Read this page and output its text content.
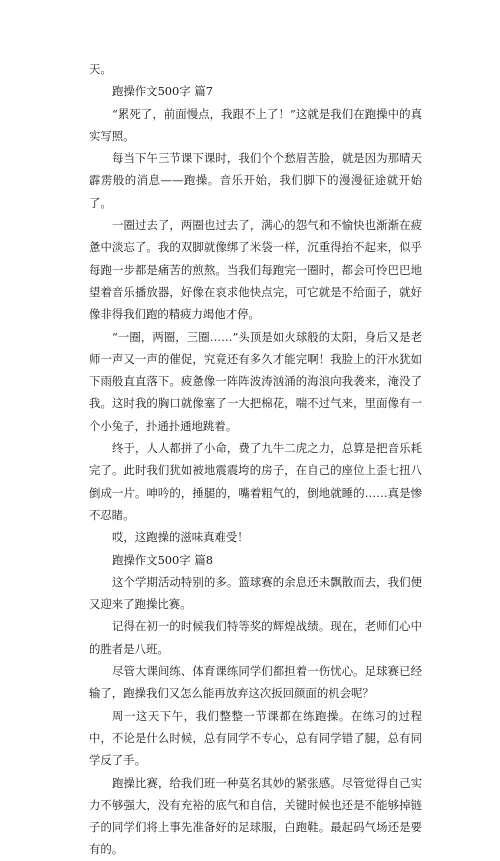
天。

跑操作文500字 篇7

“累死了，前面慢点，我跟不上了！”这就是我们在跑操中的真实写照。

每当下午三节课下课时，我们个个愁眉苦脸，就是因为那晴天霹雳般的消息——跑操。音乐开始，我们脚下的漫漫征途就开始了。

一圈过去了，两圈也过去了，满心的怨气和不愉快也渐渐在疲惫中淡忘了。我的双脚就像绑了米袋一样，沉重得抬不起来，似乎每跑一步都是痛苦的煎熬。当我们每跑完一圈时，都会可怜巴巴地望着音乐播放器，好像在哀求他快点完，可它就是不给面子，就好像非得我们跑的精疲力竭他才停。

“一圈，两圈，三圈……”头顶是如火球般的太阳，身后又是老师一声又一声的催促，究竟还有多久才能完啊！我脸上的汗水犹如下雨般直直落下。疲惫像一阵阵波涛汹涌的海浪向我袭来，淹没了我。这时我的胸口就像塞了一大把棉花，喘不过气来，里面像有一个小兔子，扑通扑通地跳着。

终于，人人都拼了小命，费了九牛二虎之力，总算是把音乐耗完了。此时我们犹如被地震震垮的房子，在自己的座位上歪七扭八倒成一片。呻吟的，捶腿的，嘴着粗气的，倒地就睡的……真是惨不忍睹。

哎，这跑操的滋味真难受！

跑操作文500字 篇8

这个学期活动特别的多。篮球赛的余息还未飘散而去，我们便又迎来了跑操比赛。

记得在初一的时候我们特等奖的辉煌战绩。现在，老师们心中的胜者是八班。

尽管大课间练、体育课练同学们都担着一伤忧心。足球赛已经输了，跑操我们又怎么能再放弃这次扳回颜面的机会呢？

周一这天下午，我们整整一节课都在练跑操。在练习的过程中，不论是什么时候，总有同学不专心，总有同学错了腿，总有同学反了手。

跑操比赛，给我们班一种莫名其妙的紧张感。尽管觉得自己实力不够强大，没有充裕的底气和自信，关键时候也还是不能够掉链子的同学们将上事先准备好的足球服，白跑鞋。最起码气场还是要有的。
